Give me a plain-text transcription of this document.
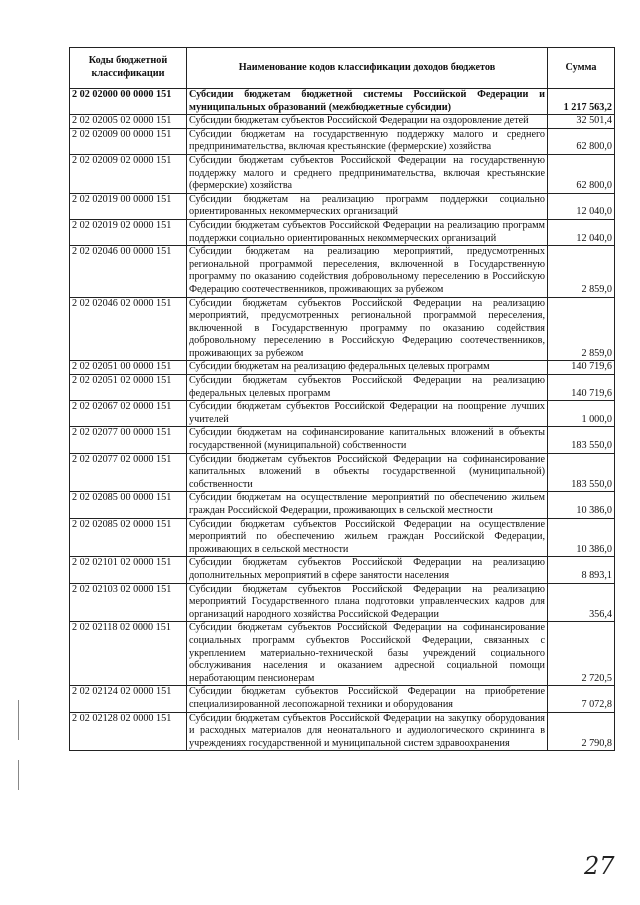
Коды бюджетной классификации	Наименование кодов классификации доходов бюджетов	Сумма
2 02 02000 00 0000 151	Субсидии бюджетам бюджетной системы Российской Федерации и муниципальных образований (межбюджетные субсидии)	1 217 563,2
2 02 02005 02 0000 151	Субсидии бюджетам субъектов Российской Федерации на оздоровление детей	32 501,4
2 02 02009 00 0000 151	Субсидии бюджетам на государственную поддержку малого и среднего предпринимательства, включая крестьянские (фермерские) хозяйства	62 800,0
2 02 02009 02 0000 151	Субсидии бюджетам субъектов Российской Федерации на государственную поддержку малого и среднего предпринимательства, включая крестьянские (фермерские) хозяйства	62 800,0
2 02 02019 00 0000 151	Субсидии бюджетам на реализацию программ поддержки социально ориентированных некоммерческих организаций	12 040,0
2 02 02019 02 0000 151	Субсидии бюджетам субъектов Российской Федерации на реализацию программ поддержки социально ориентированных некоммерческих организаций	12 040,0
2 02 02046 00 0000 151	Субсидии бюджетам на реализацию мероприятий, предусмотренных региональной программой переселения, включенной в Государственную программу по оказанию содействия добровольному переселению в Российскую Федерацию соотечественников, проживающих за рубежом	2 859,0
2 02 02046 02 0000 151	Субсидии бюджетам субъектов Российской Федерации на реализацию мероприятий, предусмотренных региональной программой переселения, включенной в Государственную программу по оказанию содействия добровольному переселению в Российскую Федерацию соотечественников, проживающих за рубежом	2 859,0
2 02 02051 00 0000 151	Субсидии бюджетам на реализацию федеральных целевых программ	140 719,6
2 02 02051 02 0000 151	Субсидии бюджетам субъектов Российской Федерации на реализацию федеральных целевых программ	140 719,6
2 02 02067 02 0000 151	Субсидии бюджетам субъектов Российской Федерации на поощрение лучших учителей	1 000,0
2 02 02077 00 0000 151	Субсидии бюджетам на софинансирование капитальных вложений в объекты государственной (муниципальной) собственности	183 550,0
2 02 02077 02 0000 151	Субсидии бюджетам субъектов Российской Федерации на софинансирование капитальных вложений в объекты государственной (муниципальной) собственности	183 550,0
2 02 02085 00 0000 151	Субсидии бюджетам на осуществление мероприятий по обеспечению жильем граждан Российской Федерации, проживающих в сельской местности	10 386,0
2 02 02085 02 0000 151	Субсидии бюджетам субъектов Российской Федерации на осуществление мероприятий по обеспечению жильем граждан Российской Федерации, проживающих в сельской местности	10 386,0
2 02 02101 02 0000 151	Субсидии бюджетам субъектов Российской Федерации на реализацию дополнительных мероприятий в сфере занятости населения	8 893,1
2 02 02103 02 0000 151	Субсидии бюджетам субъектов Российской Федерации на реализацию мероприятий Государственного плана подготовки управленческих кадров для организаций народного хозяйства Российской Федерации	356,4
2 02 02118 02 0000 151	Субсидии бюджетам субъектов Российской Федерации на софинансирование социальных программ субъектов Российской Федерации, связанных с укреплением материально-технической базы учреждений социального обслуживания населения и оказанием адресной социальной помощи неработающим пенсионерам	2 720,5
2 02 02124 02 0000 151	Субсидии бюджетам субъектов Российской Федерации на приобретение специализированной лесопожарной техники и оборудования	7 072,8
2 02 02128 02 0000 151	Субсидии бюджетам субъектов Российской Федерации на закупку оборудования и расходных материалов для неонатального и аудиологического скрининга в учреждениях государственной и муниципальной систем здравоохранения	2 790,8
27
